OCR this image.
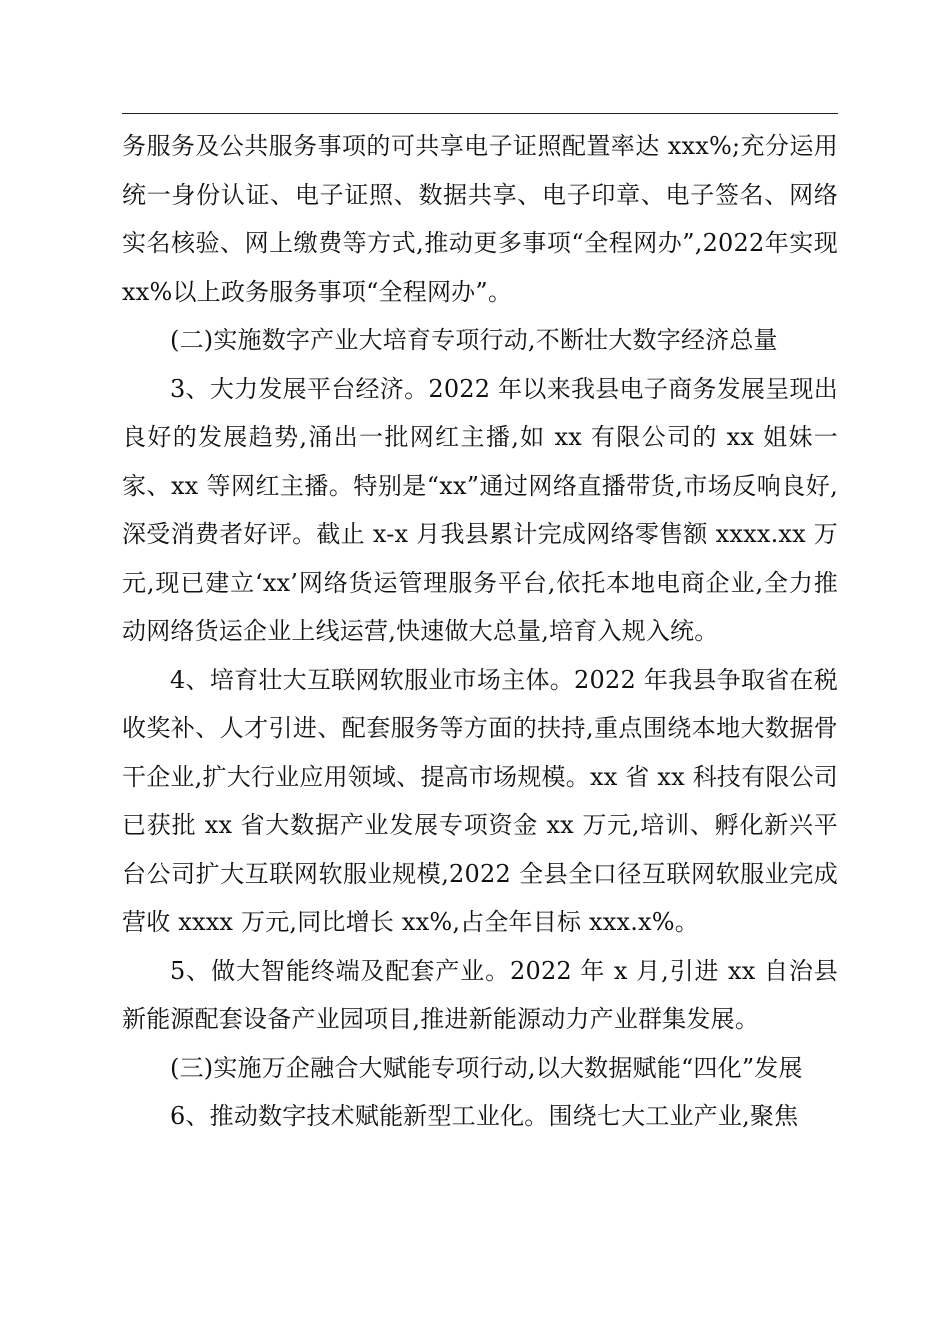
务服务及公共服务事项的可共享电子证照配置率达 xxx%;充分运用统一身份认证、电子证照、数据共享、电子印章、电子签名、网络实名核验、网上缴费等方式,推动更多事项“全程网办”,2022年实现 xx%以上政务服务事项“全程网办”。

(二)实施数字产业大培育专项行动,不断壮大数字经济总量

3、大力发展平台经济。2022 年以来我县电子商务发展呈现出良好的发展趋势,涌出一批网红主播,如 xx 有限公司的 xx 姐妹一家、xx 等网红主播。特别是“xx”通过网络直播带货,市场反响良好,深受消费者好评。截止 x-x 月我县累计完成网络零售额 xxxx.xx 万元,现已建立‘xx’网络货运管理服务平台,依托本地电商企业,全力推动网络货运企业上线运营,快速做大总量,培育入规入统。

4、培育壮大互联网软服业市场主体。2022 年我县争取省在税收奖补、人才引进、配套服务等方面的扶持,重点围绕本地大数据骨干企业,扩大行业应用领域、提高市场规模。xx 省 xx 科技有限公司已获批 xx 省大数据产业发展专项资金 xx 万元,培训、孵化新兴平台公司扩大互联网软服业规模,2022 全县全口径互联网软服业完成营收 xxxx 万元,同比增长 xx%,占全年目标 xxx.x%。

5、做大智能终端及配套产业。2022 年 x 月,引进 xx 自治县新能源配套设备产业园项目,推进新能源动力产业群集发展。

(三)实施万企融合大赋能专项行动,以大数据赋能“四化”发展

6、推动数字技术赋能新型工业化。围绕七大工业产业,聚焦
